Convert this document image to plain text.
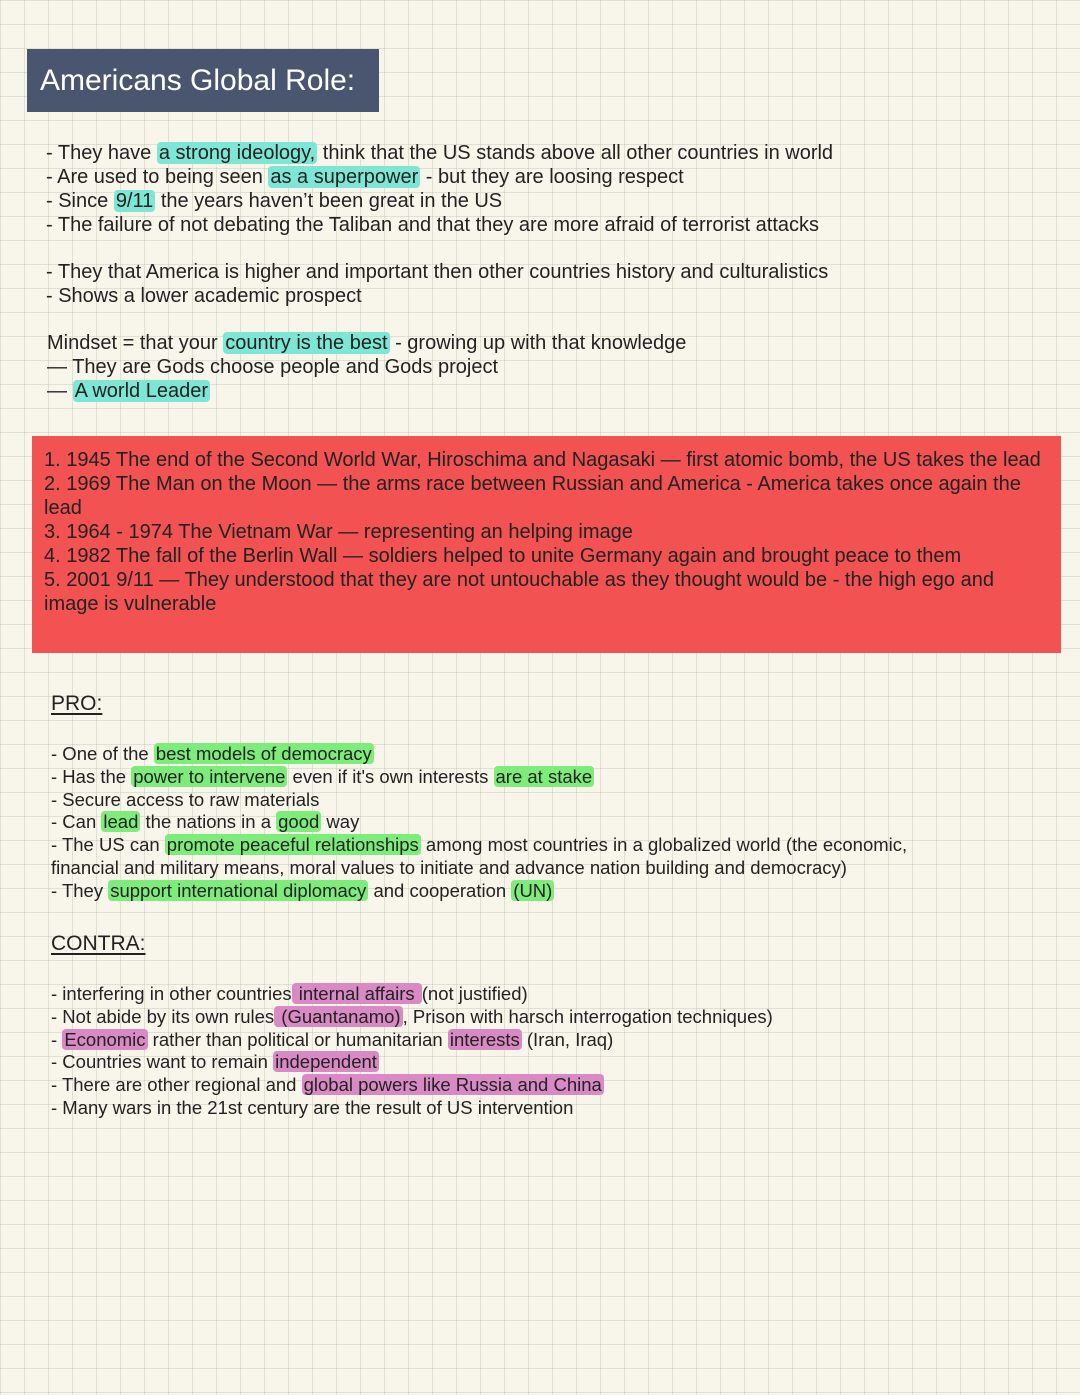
Americans Global Role:
- They have a strong ideology, think that the US stands above all other countries in world
- Are used to being seen as a superpower - but they are loosing respect
- Since 9/11 the years haven’t been great in the US
- The failure of not debating the Taliban and that they are more afraid of terrorist attacks
- They that America is higher and important then other countries history and culturalistics
- Shows a lower academic prospect
Mindset = that your country is the best - growing up with that knowledge
— They are Gods choose people and Gods project
— A world Leader
1. 1945 The end of the Second World War, Hiroschima and Nagasaki — first atomic bomb, the US takes the lead
2. 1969 The Man on the Moon — the arms race between Russian and America - America takes once again the lead
3. 1964 - 1974 The Vietnam War — representing an helping image
4. 1982 The fall of the Berlin Wall — soldiers helped to unite Germany again and brought peace to them
5. 2001 9/11 — They understood that they are not untouchable as they thought would be - the high ego and image is vulnerable
PRO:
- One of the best models of democracy
- Has the power to intervene even if it's own interests are at stake
- Secure access to raw materials
- Can lead the nations in a good way
- The US can promote peaceful relationships among most countries in a globalized world (the economic,
financial and military means, moral values to initiate and advance nation building and democracy)
- They support international diplomacy and cooperation (UN)
CONTRA:
- interfering in other countries internal affairs (not justified)
- Not abide by its own rules (Guantanamo) , Prison with harsch interrogation techniques)
- Economic rather than political or humanitarian interests (Iran, Iraq)
- Countries want to remain independent
- There are other regional and global powers like Russia and China
- Many wars in the 21st century are the result of US intervention
